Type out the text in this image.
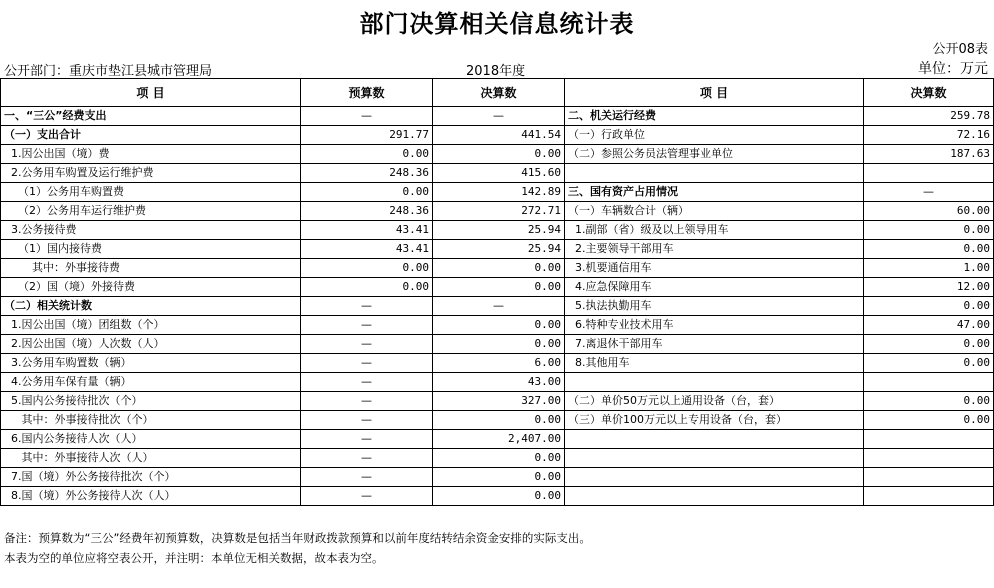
部门决算相关信息统计表
公开08表
公开部门：重庆市垫江县城市管理局	2018年度	单位：万元
项 目	预算数	决算数	项 目	决算数
一、“三公”经费支出	—	—	二、机关运行经费	259.78
（一）支出合计	291.77	441.54	（一）行政单位	72.16
1.因公出国（境）费	0.00	0.00	（二）参照公务员法管理事业单位	187.63
2.公务用车购置及运行维护费	248.36	415.60		
（1）公务用车购置费	0.00	142.89	三、国有资产占用情况	—
（2）公务用车运行维护费	248.36	272.71	（一）车辆数合计（辆）	60.00
3.公务接待费	43.41	25.94	1.副部（省）级及以上领导用车	0.00
（1）国内接待费	43.41	25.94	2.主要领导干部用车	0.00
其中：外事接待费	0.00	0.00	3.机要通信用车	1.00
（2）国（境）外接待费	0.00	0.00	4.应急保障用车	12.00
（二）相关统计数	—	—	5.执法执勤用车	0.00
1.因公出国（境）团组数（个）	—	0.00	6.特种专业技术用车	47.00
2.因公出国（境）人次数（人）	—	0.00	7.离退休干部用车	0.00
3.公务用车购置数（辆）	—	6.00	8.其他用车	0.00
4.公务用车保有量（辆）	—	43.00		
5.国内公务接待批次（个）	—	327.00	（二）单价50万元以上通用设备（台，套）	0.00
其中：外事接待批次（个）	—	0.00	（三）单价100万元以上专用设备（台，套）	0.00
6.国内公务接待人次（人）	—	2,407.00		
其中：外事接待人次（人）	—	0.00		
7.国（境）外公务接待批次（个）	—	0.00		
8.国（境）外公务接待人次（人）	—	0.00		
备注：预算数为“三公”经费年初预算数，决算数是包括当年财政拨款预算和以前年度结转结余资金安排的实际支出。
本表为空的单位应将空表公开，并注明：本单位无相关数据，故本表为空。
